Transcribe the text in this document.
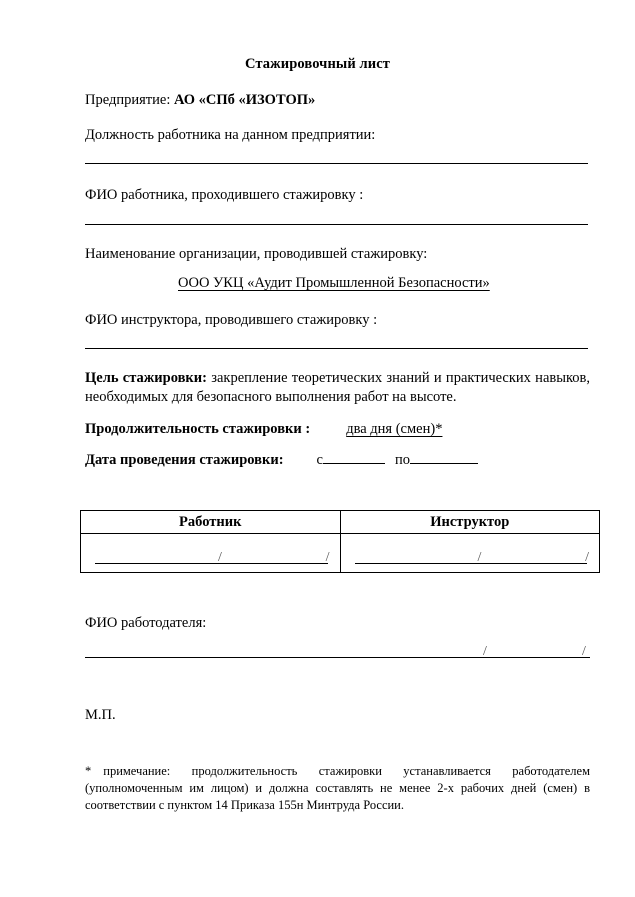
Стажировочный лист
Предприятие: АО «СПб «ИЗОТОП»
Должность работника на данном предприятии:
ФИО работника, проходившего стажировку :
Наименование организации, проводившей стажировку:
ООО УКЦ «Аудит Промышленной Безопасности»
ФИО инструктора, проводившего стажировку :
Цель стажировки: закрепление теоретических знаний и практических навыков, необходимых для безопасного выполнения работ на высоте.
Продолжительность стажировки : два дня (смен)*
Дата проведения стажировки: с	по
Работник	Инструктор

/ /	/ /
ФИО работодателя:
/	/
М.П.
* примечание: продолжительность стажировки устанавливается работодателем (уполномоченным им лицом) и должна составлять не менее 2-х рабочих дней (смен) в соответствии с пунктом 14 Приказа 155н Минтруда России.
